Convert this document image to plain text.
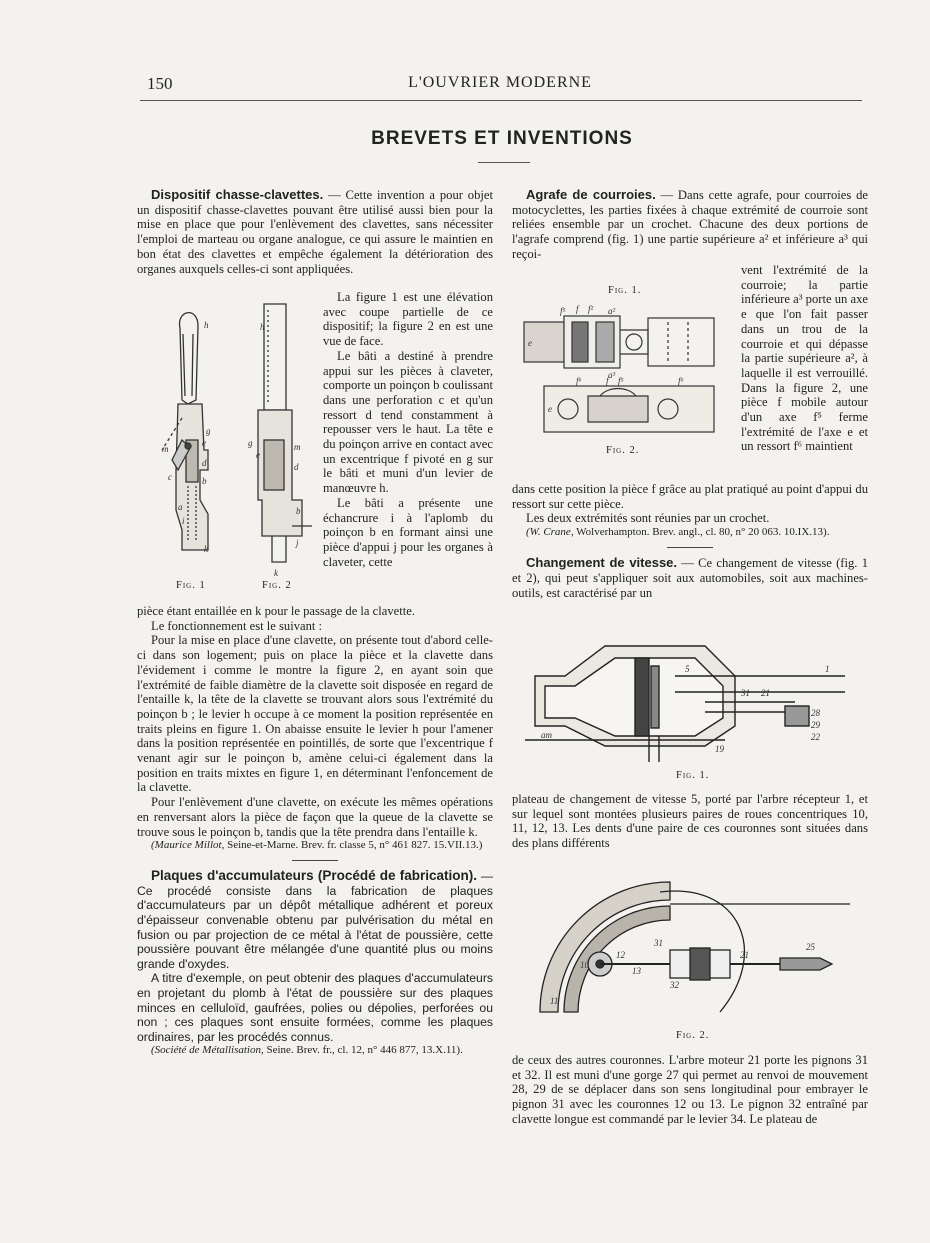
150	L'OUVRIER MODERNE
BREVETS ET INVENTIONS

Dispositif chasse-clavettes. — Cette invention a pour objet un dispositif chasse-clavettes pouvant être utilisé aussi bien pour la mise en place que pour l'enlèvement des clavettes, sans nécessiter l'emploi de marteau ou organe analogue, ce qui assure le maintien en bon état des clavettes et empêche également la détérioration des organes auxquels celles-ci sont appliquées.

h
g
m
e
d
b
c
a
i
k
h
g
e
m
d
b
j
k
Fig. 1	Fig. 2

La figure 1 est une élévation avec coupe partielle de ce dispositif; la figure 2 en est une vue de face.

Le bâti a destiné à prendre appui sur les pièces à claveter, comporte un poinçon b coulissant dans une perforation c et qu'un ressort d tend constamment à repousser vers le haut. La tête e du poinçon arrive en contact avec un excentrique f pivoté en g sur le bâti et muni d'un levier de manœuvre h.

Le bâti a présente une échancrure i à l'aplomb du poinçon b en formant ainsi une pièce d'appui j pour les organes à claveter, cette

pièce étant entaillée en k pour le passage de la clavette.

Le fonctionnement est le suivant :

Pour la mise en place d'une clavette, on présente tout d'abord celle-ci dans son logement; puis on place la pièce et la clavette dans l'évidement i comme le montre la figure 2, en ayant soin que l'extrémité de faible diamètre de la clavette soit disposée en regard de l'entaille k, la tête de la clavette se trouvant alors sous l'extrémité du poinçon b ; le levier h occupe à ce moment la position représentée en traits pleins en figure 1. On abaisse ensuite le levier h pour l'amener dans la position représentée en pointillés, de sorte que l'excentrique f venant agir sur le poinçon b, amène celui-ci également dans la position en traits mixtes en figure 1, en déterminant l'enfoncement de la clavette.

Pour l'enlèvement d'une clavette, on exécute les mêmes opérations en renversant alors la pièce de façon que la queue de la clavette se trouve sous le poinçon b, tandis que la tête prendra dans l'entaille k.

(Maurice Millot, Seine-et-Marne. Brev. fr. classe 5, n° 461 827. 15.VII.13.)

Plaques d'accumulateurs (Procédé de fabrication). — Ce procédé consiste dans la fabrication de plaques d'accumulateurs par un dépôt métallique adhérent et poreux d'épaisseur convenable obtenu par pulvérisation du métal en fusion ou par projection de ce métal à l'état de poussière, cette poussière pouvant être mélangée d'une quantité plus ou moins grande d'oxydes.

A titre d'exemple, on peut obtenir des plaques d'accumulateurs en projetant du plomb à l'état de poussière sur des plaques minces en celluloïd, gaufrées, polies ou dépolies, perforées ou non ; ces plaques sont ensuite formées, comme les plaques ordinaires, par les procédés connus.

(Société de Métallisation, Seine. Brev. fr., cl. 12, n° 446 877, 13.X.11).

Agrafe de courroies. — Dans cette agrafe, pour courroies de motocyclettes, les parties fixées à chaque extrémité de courroie sont reliées ensemble par un crochet. Chacune des deux portions de l'agrafe comprend (fig. 1) une partie supérieure a² et inférieure a³ qui reçoi-

f⁵ f f² a²
e
a³
f⁶	f f⁵
e
f⁶
Fig. 1.
Fig. 2.

vent l'extrémité de la courroie; la partie inférieure a³ porte un axe e que l'on fait passer dans un trou de la courroie et qui dépasse la partie supérieure a², à laquelle il est verrouillé. Dans la figure 2, une pièce f mobile autour d'un axe f⁵ ferme l'extrémité de l'axe e et un ressort f⁶ maintient

dans cette position la pièce f grâce au plat pratiqué au point d'appui du ressort sur cette pièce.

Les deux extrémités sont réunies par un crochet.

(W. Crane, Wolverhampton. Brev. angl., cl. 80, n° 20 063. 10.IX.13).

Changement de vitesse. — Ce changement de vitesse (fig. 1 et 2), qui peut s'appliquer soit aux automobiles, soit aux machines-outils, est caractérisé par un

5	1
31 21
28
29
22
19
am
Fig. 1.

plateau de changement de vitesse 5, porté par l'arbre récepteur 1, et sur lequel sont montées plusieurs paires de roues concentriques 10, 11, 12, 13. Les dents d'une paire de ces couronnes sont situées dans des plans différents

10
12
13
31
32
21
25
11
Fig. 2.

de ceux des autres couronnes. L'arbre moteur 21 porte les pignons 31 et 32. Il est muni d'une gorge 27 qui permet au renvoi de mouvement 28, 29 de se déplacer dans son sens longitudinal pour embrayer le pignon 31 avec les couronnes 12 ou 13. Le pignon 32 entraîné par clavette longue est commandé par le levier 34. Le plateau de
